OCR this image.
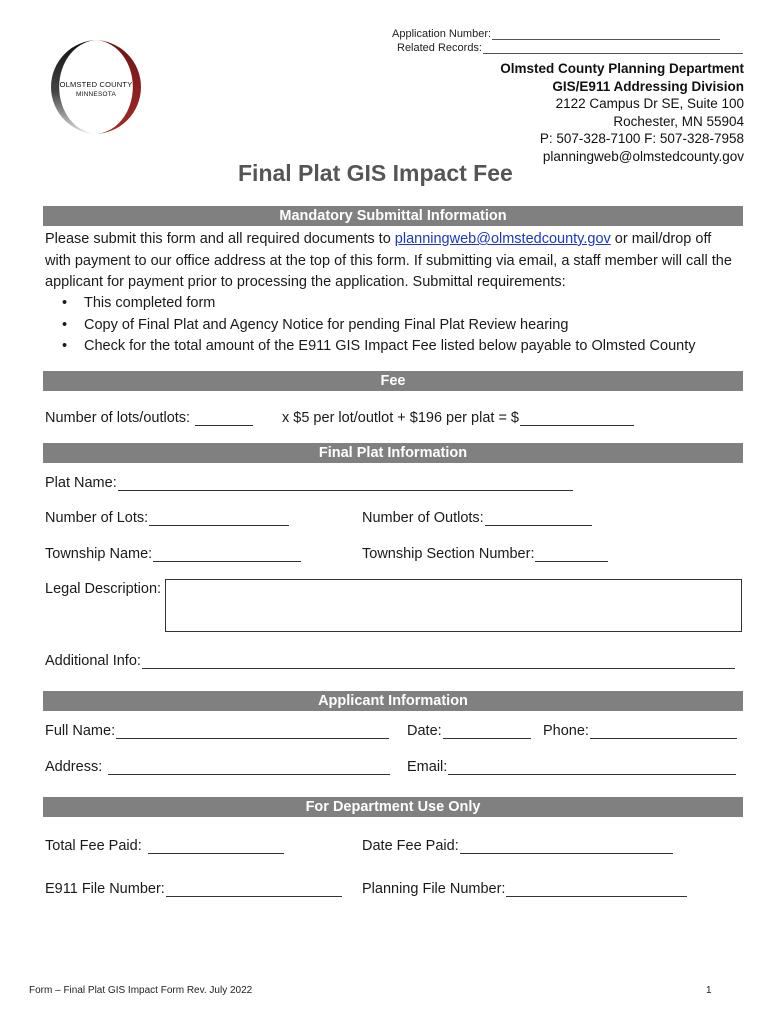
Application Number:
Related Records:
OLMSTED COUNTY
MINNESOTA
Olmsted County Planning Department
GIS/E911 Addressing Division
2122 Campus Dr SE, Suite 100
Rochester, MN 55904
P: 507-328-7100 F: 507-328-7958
planningweb@olmstedcounty.gov
Final Plat GIS Impact Fee
Mandatory Submittal Information
Please submit this form and all required documents to planningweb@olmstedcounty.gov or mail/drop off with payment to our office address at the top of this form. If submitting via email, a staff member will call the applicant for payment prior to processing the application. Submittal requirements:
• This completed form
• Copy of Final Plat and Agency Notice for pending Final Plat Review hearing
• Check for the total amount of the E911 GIS Impact Fee listed below payable to Olmsted County
Fee
Number of lots/outlots:	x $5 per lot/outlot + $196 per plat = $
Final Plat Information
Plat Name:
Number of Lots:	Number of Outlots:
Township Name:	Township Section Number:
Legal Description:
Additional Info:
Applicant Information
Full Name:	Date:	Phone:
Address:	Email:
For Department Use Only
Total Fee Paid:	Date Fee Paid:
E911 File Number:	Planning File Number:
Form – Final Plat GIS Impact Form Rev. July 2022	1
